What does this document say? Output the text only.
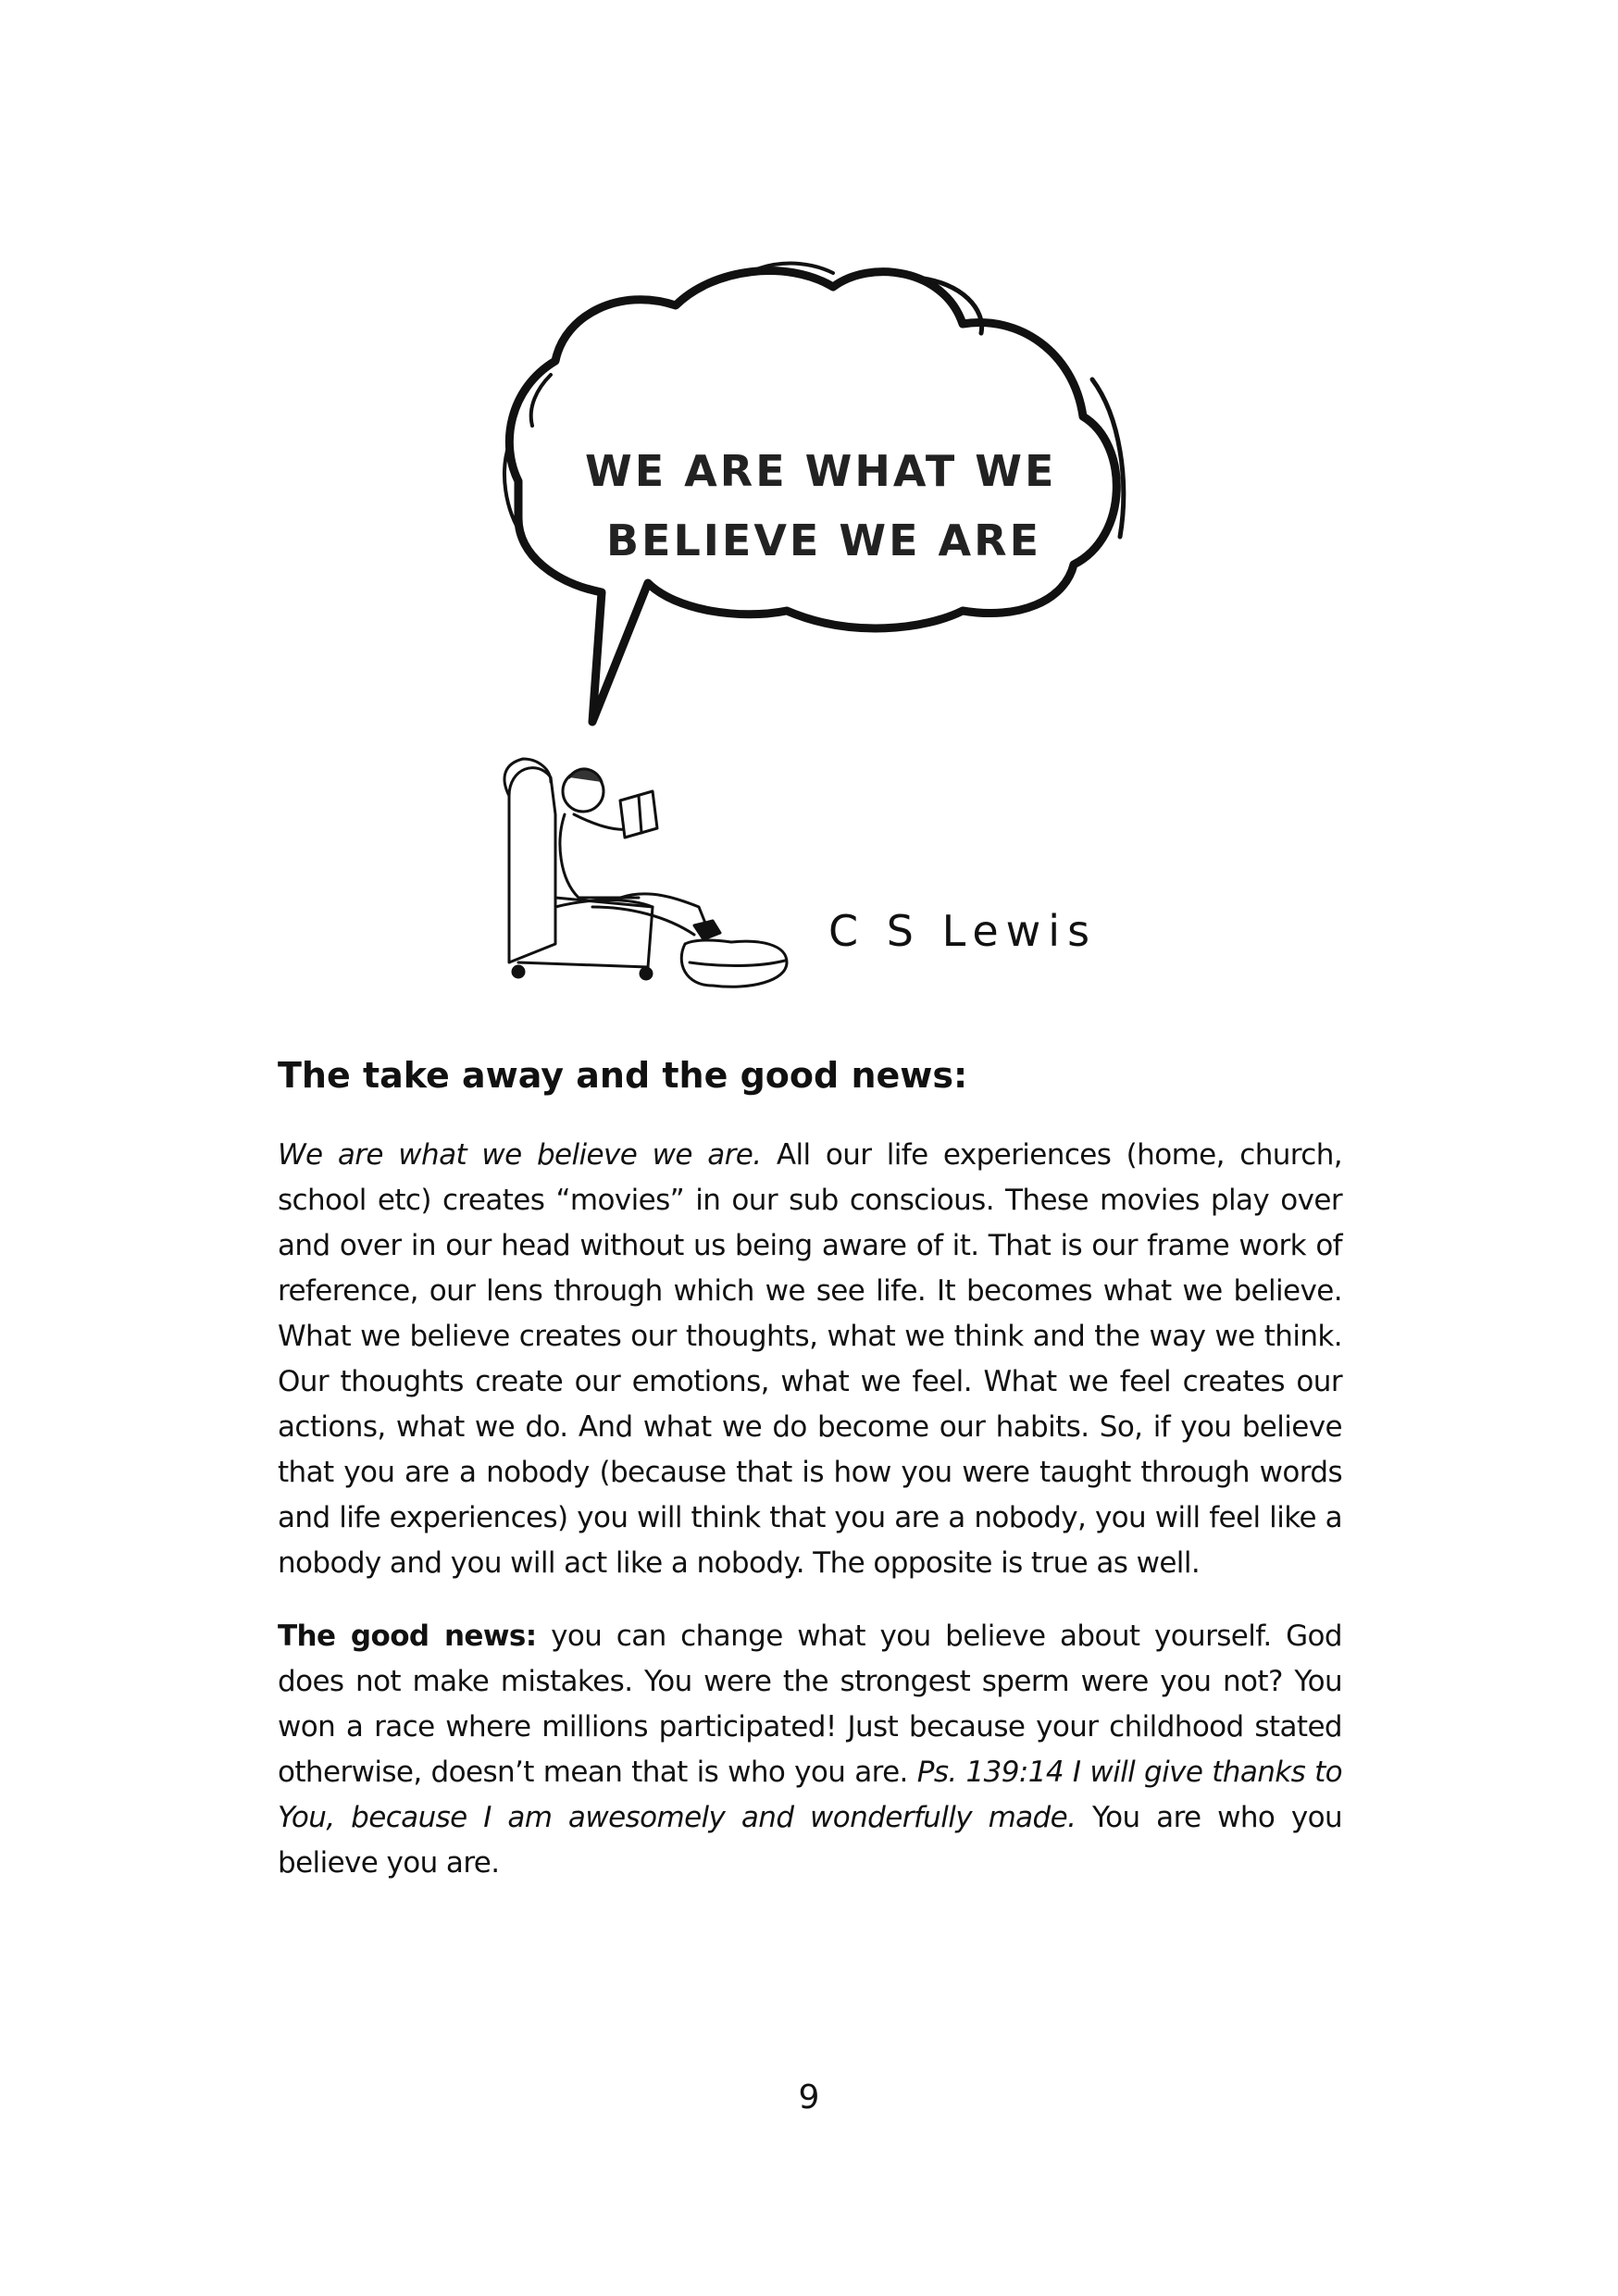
WE ARE WHAT WE
BELIEVE WE ARE
C S Lewis
The take away and the good news:

We are what we believe we are. All our life experiences (home, church, school etc) creates “movies” in our sub conscious. These movies play over and over in our head without us being aware of it. That is our frame work of reference, our lens through which we see life. It becomes what we believe. What we believe creates our thoughts, what we think and the way we think. Our thoughts create our emotions, what we feel. What we feel creates our actions, what we do. And what we do become our habits. So, if you believe that you are a nobody (because that is how you were taught through words and life experiences) you will think that you are a nobody, you will feel like a nobody and you will act like a nobody. The opposite is true as well.

The good news: you can change what you believe about yourself. God does not make mistakes. You were the strongest sperm were you not? You won a race where millions participated! Just because your childhood stated otherwise, doesn’t mean that is who you are. Ps. 139:14 I will give thanks to You, because I am awesomely and wonderfully made. You are who you believe you are.

9
